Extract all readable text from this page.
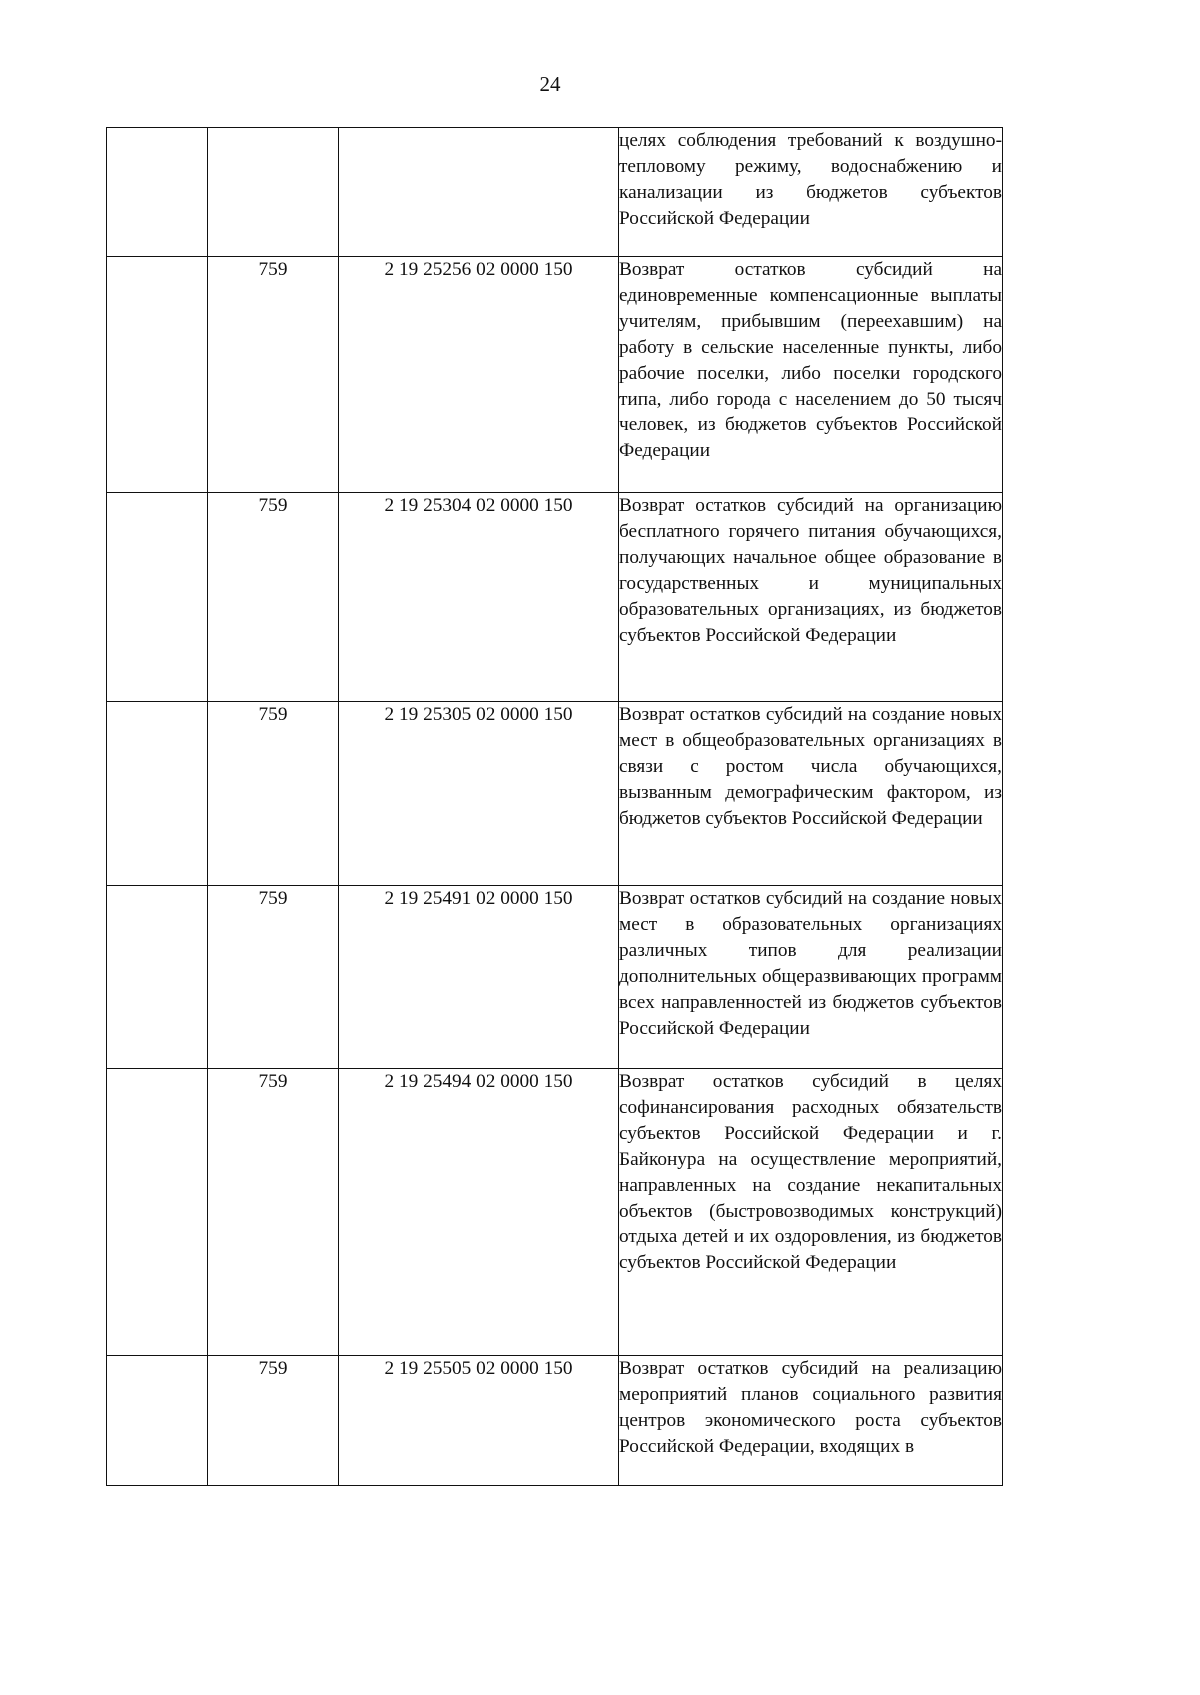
24
			целях соблюдения требований к воздушно-тепловому режиму, водоснабжению и канализации из бюджетов субъектов Российской Федерации
	759	2 19 25256 02 0000 150	Возврат остатков субсидий на единовременные компенсационные выплаты учителям, прибывшим (переехавшим) на работу в сельские населенные пункты, либо рабочие поселки, либо поселки городского типа, либо города с населением до 50 тысяч человек, из бюджетов субъектов Российской Федерации
	759	2 19 25304 02 0000 150	Возврат остатков субсидий на организацию бесплатного горячего питания обучающихся, получающих начальное общее образование в государственных и муниципальных образовательных организациях, из бюджетов субъектов Российской Федерации
	759	2 19 25305 02 0000 150	Возврат остатков субсидий на создание новых мест в общеобразовательных организациях в связи с ростом числа обучающихся, вызванным демографическим фактором, из бюджетов субъектов Российской Федерации
	759	2 19 25491 02 0000 150	Возврат остатков субсидий на создание новых мест в образовательных организациях различных типов для реализации дополнительных общеразвивающих программ всех направленностей из бюджетов субъектов Российской Федерации
	759	2 19 25494 02 0000 150	Возврат остатков субсидий в целях софинансирования расходных обязательств субъектов Российской Федерации и г. Байконура на осуществление мероприятий, направленных на создание некапитальных объектов (быстровозводимых конструкций) отдыха детей и их оздоровления, из бюджетов субъектов Российской Федерации
	759	2 19 25505 02 0000 150	Возврат остатков субсидий на реализацию мероприятий планов социального развития центров экономического роста субъектов Российской Федерации, входящих в
